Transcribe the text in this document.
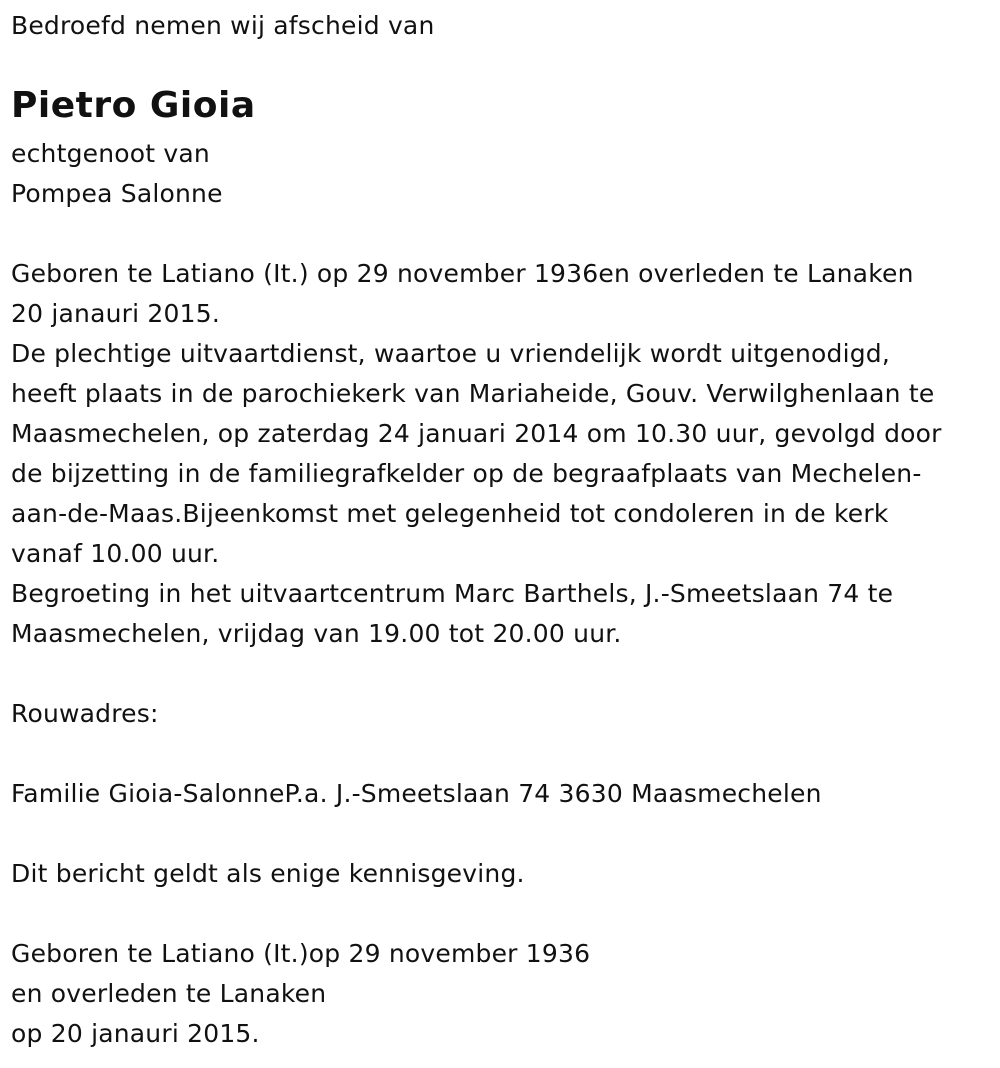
Bedroefd nemen wij afscheid van
Pietro Gioia
echtgenoot van
Pompea Salonne
Geboren te Latiano (It.) op 29 november 1936en overleden te Lanaken
20 janauri 2015.
De plechtige uitvaartdienst, waartoe u vriendelijk wordt uitgenodigd,
heeft plaats in de parochiekerk van Mariaheide, Gouv. Verwilghenlaan te
Maasmechelen, op zaterdag 24 januari 2014 om 10.30 uur, gevolgd door
de bijzetting in de familiegrafkelder op de begraafplaats van Mechelen-
aan-de-Maas.Bijeenkomst met gelegenheid tot condoleren in de kerk
vanaf 10.00 uur.
Begroeting in het uitvaartcentrum Marc Barthels, J.-Smeetslaan 74 te
Maasmechelen, vrijdag van 19.00 tot 20.00 uur.
Rouwadres:
Familie Gioia-SalonneP.a. J.-Smeetslaan 74 3630 Maasmechelen
Dit bericht geldt als enige kennisgeving.
Geboren te Latiano (It.)op 29 november 1936
en overleden te Lanaken
op 20 janauri 2015.
